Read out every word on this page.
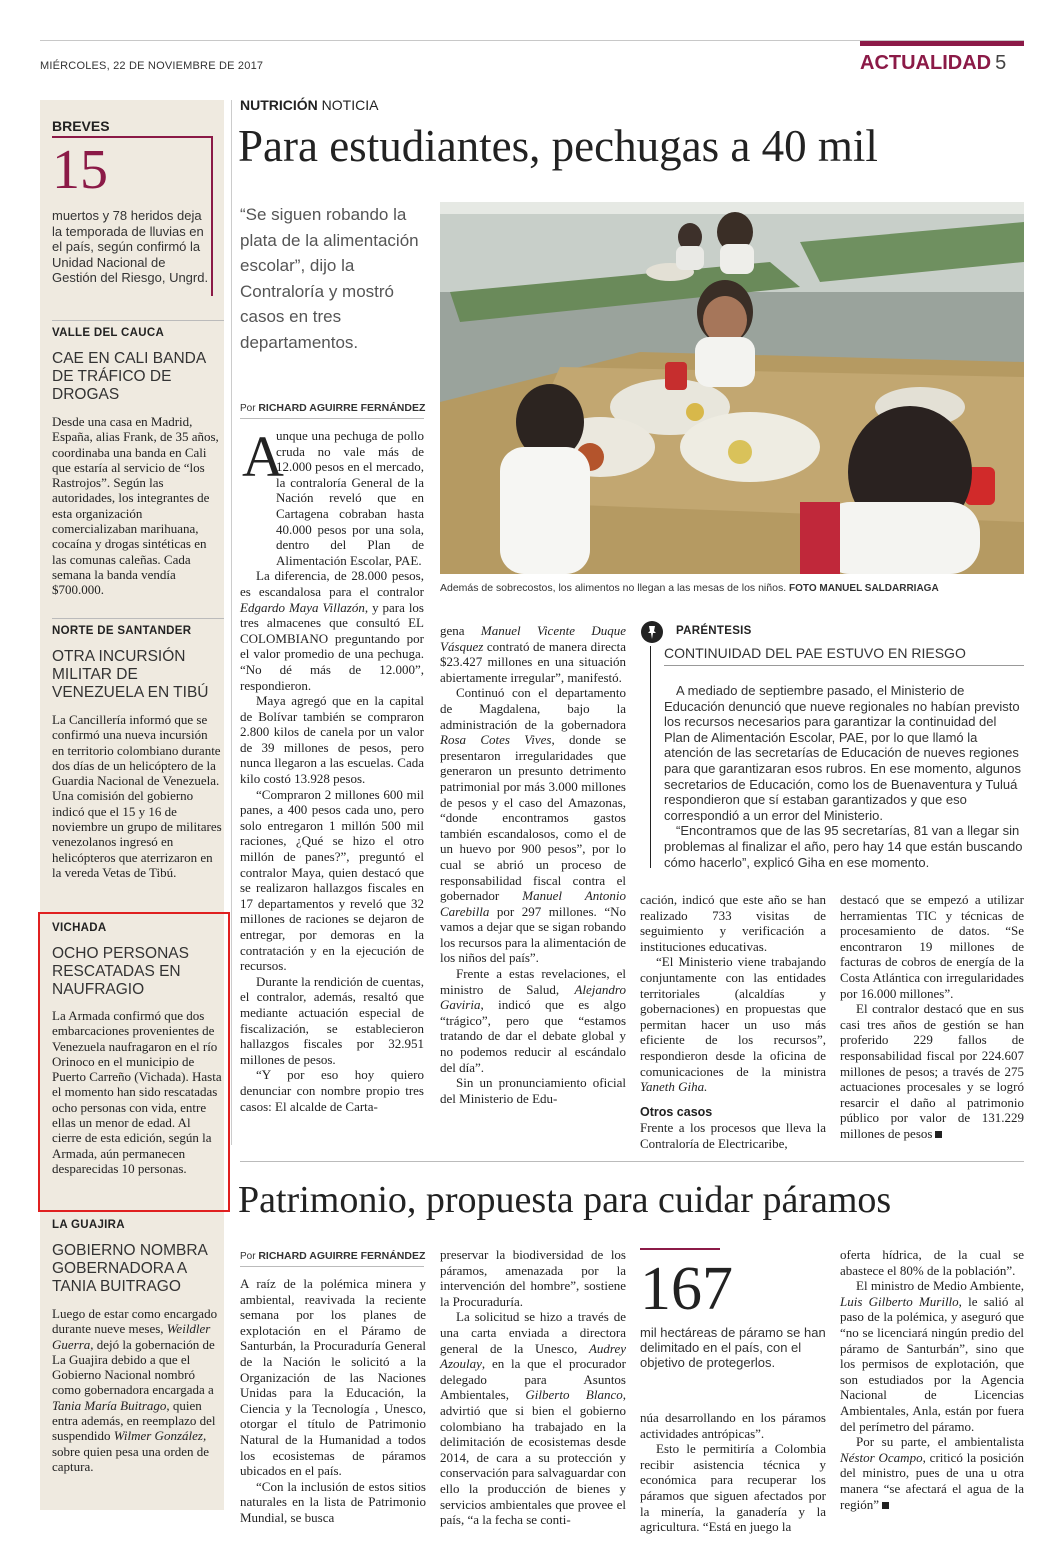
MIÉRCOLES, 22 DE NOVIEMBRE DE 2017	ACTUALIDAD 5
BREVES
15
muertos y 78 heridos deja la temporada de lluvias en el país, según confirmó la Unidad Nacional de Gestión del Riesgo, Ungrd.
VALLE DEL CAUCA
CAE EN CALI BANDA DE TRÁFICO DE DROGAS
Desde una casa en Madrid, España, alias Frank, de 35 años, coordinaba una banda en Cali que estaría al servicio de “los Rastrojos”. Según las autoridades, los integrantes de esta organización comercializaban marihuana, cocaína y drogas sintéticas en las comunas caleñas. Cada semana la banda vendía $700.000.
NORTE DE SANTANDER
OTRA INCURSIÓN MILITAR DE VENEZUELA EN TIBÚ
La Cancillería informó que se confirmó una nueva incursión en territorio colombiano durante dos días de un helicóptero de la Guardia Nacional de Venezuela. Una comisión del gobierno indicó que el 15 y 16 de noviembre un grupo de militares venezolanos ingresó en helicópteros que aterrizaron en la vereda Vetas de Tibú.
VICHADA
OCHO PERSONAS RESCATADAS EN NAUFRAGIO
La Armada confirmó que dos embarcaciones provenientes de Venezuela naufragaron en el río Orinoco en el municipio de Puerto Carreño (Vichada). Hasta el momento han sido rescatadas ocho personas con vida, entre ellas un menor de edad. Al cierre de esta edición, según la Armada, aún permanecen desparecidas 10 personas.
LA GUAJIRA
GOBIERNO NOMBRA GOBERNADORA A TANIA BUITRAGO
Luego de estar como encargado durante nueve meses, Weildler Guerra, dejó la gobernación de La Guajira debido a que el Gobierno Nacional nombró como gobernadora encargada a Tania María Buitrago, quien entra además, en reemplazo del suspendido Wilmer González, sobre quien pesa una orden de captura.
NUTRICIÓN NOTICIA
Para estudiantes, pechugas a 40 mil
“Se siguen robando la plata de la alimentación escolar”, dijo la Contraloría y mostró casos en tres departamentos.
Por RICHARD AGUIRRE FERNÁNDEZ
A
unque una pechuga de pollo cruda no vale más de 12.000 pesos en el mercado, la contraloría General de la Nación reveló que en Cartagena cobraban hasta 40.000 pesos por una sola, dentro del Plan de Alimentación Escolar, PAE.
La diferencia, de 28.000 pesos, es escandalosa para el contralor Edgardo Maya Villazón, y para los tres almacenes que consultó EL COLOMBIANO preguntando por el valor promedio de una pechuga. “No dé más de 12.000”, respondieron.
Maya agregó que en la capital de Bolívar también se compraron 2.800 kilos de canela por un valor de 39 millones de pesos, pero nunca llegaron a las escuelas. Cada kilo costó 13.928 pesos.
“Compraron 2 millones 600 mil panes, a 400 pesos cada uno, pero solo entregaron 1 millón 500 mil raciones, ¿Qué se hizo el otro millón de panes?”, preguntó el contralor Maya, quien destacó que se realizaron hallazgos fiscales en 17 departamentos y reveló que 32 millones de raciones se dejaron de entregar, por demoras en la contratación y en la ejecución de recursos.
Durante la rendición de cuentas, el contralor, además, resaltó que mediante actuación especial de fiscalización, se establecieron hallazgos fiscales por 32.951 millones de pesos.
“Y por eso hoy quiero denunciar con nombre propio tres casos: El alcalde de Carta-
gena Manuel Vicente Duque Vásquez contrató de manera directa $23.427 millones en una situación abiertamente irregular”, manifestó.
Continuó con el departamento de Magdalena, bajo la administración de la gobernadora Rosa Cotes Vives, donde se presentaron irregularidades que generaron un presunto detrimento patrimonial por más 3.000 millones de pesos y el caso del Amazonas, “donde encontramos gastos también escandalosos, como el de un huevo por 900 pesos”, por lo cual se abrió un proceso de responsabilidad fiscal contra el gobernador Manuel Antonio Carebilla por 297 millones. “No vamos a dejar que se sigan robando los recursos para la alimentación de los niños del país”.
Frente a estas revelaciones, el ministro de Salud, Alejandro Gaviria, indicó que es algo “trágico”, pero que “estamos tratando de dar el debate global y no podemos reducir al escándalo del día”.
Sin un pronunciamiento oficial del Ministerio de Edu-
cación, indicó que este año se han realizado 733 visitas de seguimiento y verificación a instituciones educativas.
“El Ministerio viene trabajando conjuntamente con las entidades territoriales (alcaldías y gobernaciones) en propuestas que permitan hacer un uso más eficiente de los recursos”, respondieron desde la oficina de comunicaciones de la ministra Yaneth Giha.
Otros casos
Frente a los procesos que lleva la Contraloría de Electricaribe,
destacó que se empezó a utilizar herramientas TIC y técnicas de procesamiento de datos. “Se encontraron 19 millones de facturas de cobros de energía de la Costa Atlántica con irregularidades por 16.000 millones”.
El contralor destacó que en sus casi tres años de gestión se han proferido 229 fallos de responsabilidad fiscal por 224.607 millones de pesos; a través de 275 actuaciones procesales y se logró resarcir el daño al patrimonio público por valor de 131.229 millones de pesos
Además de sobrecostos, los alimentos no llegan a las mesas de los niños. FOTO MANUEL SALDARRIAGA
PARÉNTESIS
CONTINUIDAD DEL PAE ESTUVO EN RIESGO
A mediado de septiembre pasado, el Ministerio de Educación denunció que nueve regionales no habían previsto los recursos necesarios para garantizar la continuidad del Plan de Alimentación Escolar, PAE, por lo que llamó la atención de las secretarías de Educación de nueves regiones para que garantizaran esos rubros. En ese momento, algunos secretarios de Educación, como los de Buenaventura y Tuluá respondieron que sí estaban garantizados y que eso correspondió a un error del Ministerio.
“Encontramos que de las 95 secretarías, 81 van a llegar sin problemas al finalizar el año, pero hay 14 que están buscando cómo hacerlo”, explicó Giha en ese momento.
Patrimonio, propuesta para cuidar páramos
Por RICHARD AGUIRRE FERNÁNDEZ
A raíz de la polémica minera y ambiental, reavivada la reciente semana por los planes de explotación en el Páramo de Santurbán, la Procuraduría General de la Nación le solicitó a la Organización de las Naciones Unidas para la Educación, la Ciencia y la Tecnología , Unesco, otorgar el título de Patrimonio Natural de la Humanidad a todos los ecosistemas de páramos ubicados en el país.
“Con la inclusión de estos sitios naturales en la lista de Patrimonio Mundial, se busca
preservar la biodiversidad de los páramos, amenazada por la intervención del hombre”, sostiene la Procuraduría.
La solicitud se hizo a través de una carta enviada a directora general de la Unesco, Audrey Azoulay, en la que el procurador delegado para Asuntos Ambientales, Gilberto Blanco, advirtió que si bien el gobierno colombiano ha trabajado en la delimitación de ecosistemas desde 2014, de cara a su protección y conservación para salvaguardar con ello la producción de bienes y servicios ambientales que provee el país, “a la fecha se conti-
167
mil hectáreas de páramo se han delimitado en el país, con el objetivo de protegerlos.
núa desarrollando en los páramos actividades antrópicas”.
Esto le permitiría a Colombia recibir asistencia técnica y económica para recuperar los páramos que siguen afectados por la minería, la ganadería y la agricultura. “Está en juego la
oferta hídrica, de la cual se abastece el 80% de la población”.
El ministro de Medio Ambiente, Luis Gilberto Murillo, le salió al paso de la polémica, y aseguró que “no se licenciará ningún predio del páramo de Santurbán”, sino que los permisos de explotación, que son estudiados por la Agencia Nacional de Licencias Ambientales, Anla, están por fuera del perímetro del páramo.
Por su parte, el ambientalista Néstor Ocampo, criticó la posición del ministro, pues de una u otra manera “se afectará el agua de la región”
